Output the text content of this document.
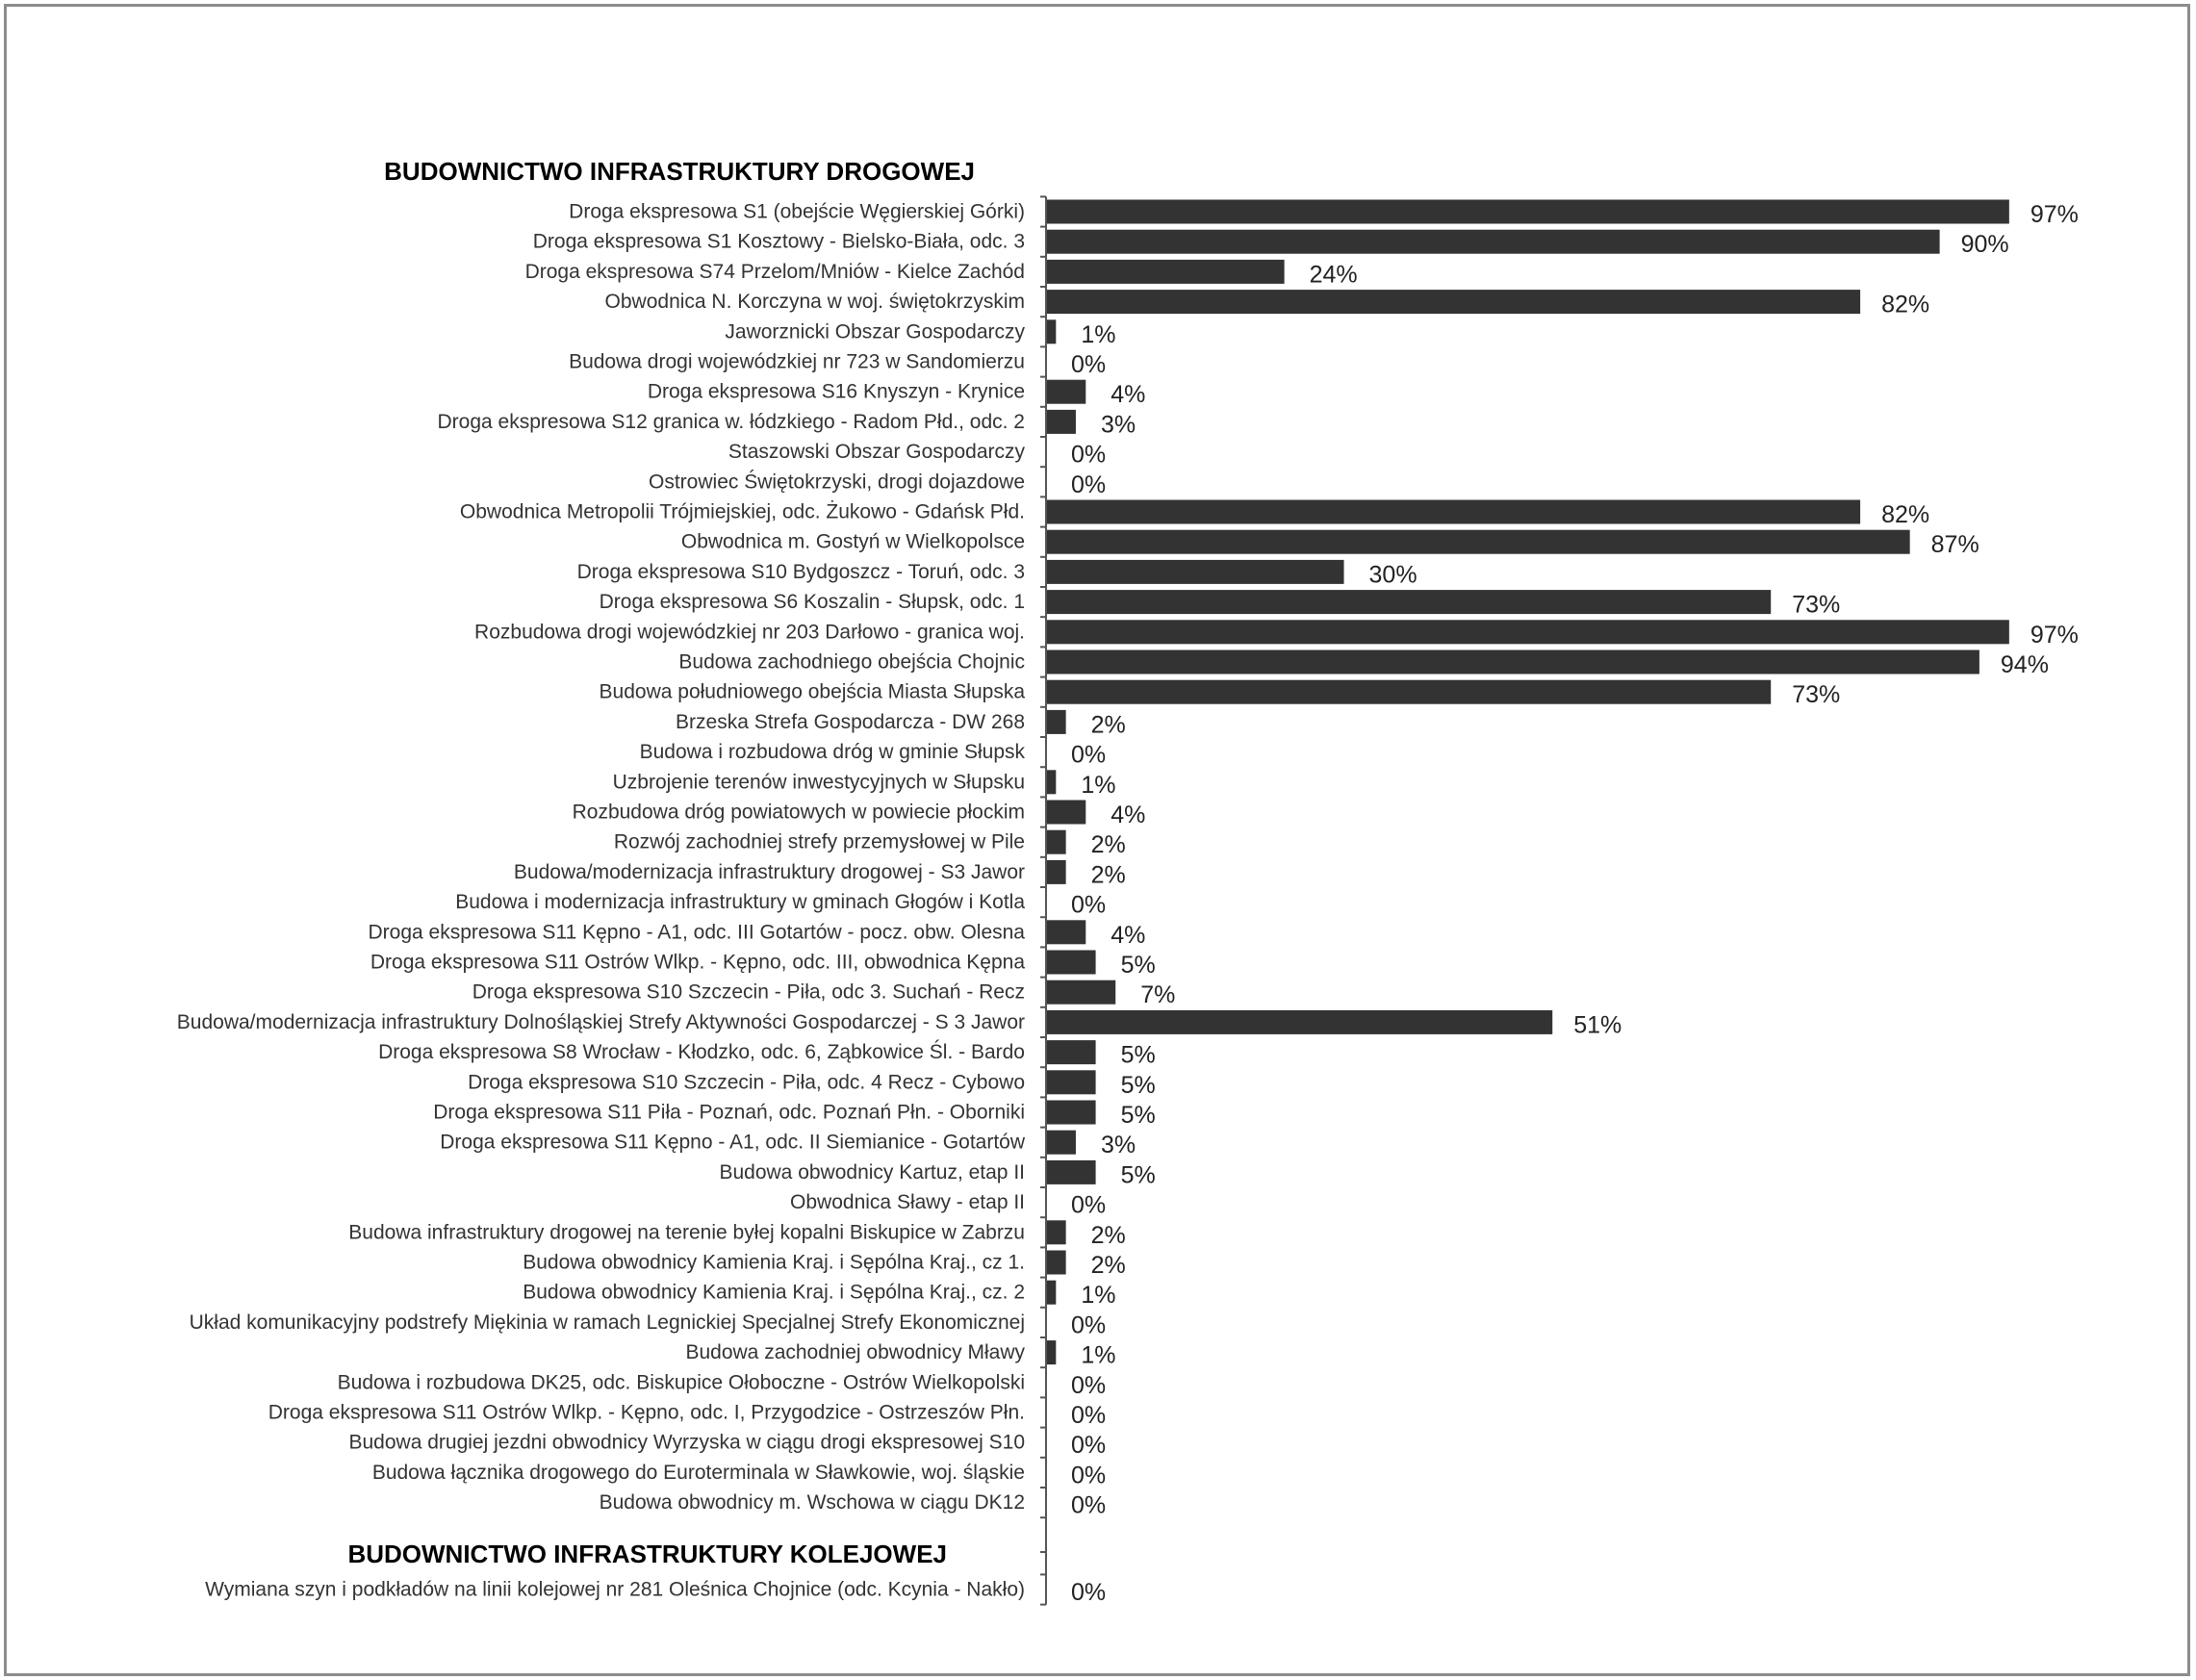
BUDOWNICTWO INFRASTRUKTURY DROGOWEJ
Droga ekspresowa S1 (obejście Węgierskiej Górki)	97%
Droga ekspresowa S1 Kosztowy - Bielsko-Biała, odc. 3	90%
Droga ekspresowa S74 Przelom/Mniów - Kielce Zachód	24%
Obwodnica N. Korczyna w woj. świętokrzyskim	82%
Jaworznicki Obszar Gospodarczy 1%
Budowa drogi wojewódzkiej nr 723 w Sandomierzu 0%
Droga ekspresowa S16 Knyszyn - Krynice	4%
Droga ekspresowa S12 granica w. łódzkiego - Radom Płd., odc. 2	3%
Staszowski Obszar Gospodarczy 0%
Ostrowiec Świętokrzyski, drogi dojazdowe 0%
Obwodnica Metropolii Trójmiejskiej, odc. Żukowo - Gdańsk Płd.	82%
Obwodnica m. Gostyń w Wielkopolsce	87%
Droga ekspresowa S10 Bydgoszcz - Toruń, odc. 3	30%
Droga ekspresowa S6 Koszalin - Słupsk, odc. 1	73%
Rozbudowa drogi wojewódzkiej nr 203 Darłowo - granica woj.	97%
Budowa zachodniego obejścia Chojnic	94%
Budowa południowego obejścia Miasta Słupska	73%
Brzeska Strefa Gospodarcza - DW 268	2%
Budowa i rozbudowa dróg w gminie Słupsk 0%
Uzbrojenie terenów inwestycyjnych w Słupsku 1%
Rozbudowa dróg powiatowych w powiecie płockim	4%
Rozwój zachodniej strefy przemysłowej w Pile	2%
Budowa/modernizacja infrastruktury drogowej - S3 Jawor	2%
Budowa i modernizacja infrastruktury w gminach Głogów i Kotla 0%
Droga ekspresowa S11 Kępno - A1, odc. III Gotartów - pocz. obw. Olesna	4%
Droga ekspresowa S11 Ostrów Wlkp. - Kępno, odc. III, obwodnica Kępna	5%
Droga ekspresowa S10 Szczecin - Piła, odc 3. Suchań - Recz	7%
Budowa/modernizacja infrastruktury Dolnośląskiej Strefy Aktywności Gospodarczej - S 3 Jawor	51%
Droga ekspresowa S8 Wrocław - Kłodzko, odc. 6, Ząbkowice Śl. - Bardo	5%
Droga ekspresowa S10 Szczecin - Piła, odc. 4 Recz - Cybowo	5%
Droga ekspresowa S11 Piła - Poznań, odc. Poznań Płn. - Oborniki	5%
Droga ekspresowa S11 Kępno - A1, odc. II Siemianice - Gotartów	3%
Budowa obwodnicy Kartuz, etap II	5%
Obwodnica Sławy - etap II 0%
Budowa infrastruktury drogowej na terenie byłej kopalni Biskupice w Zabrzu	2%
Budowa obwodnicy Kamienia Kraj. i Sępólna Kraj., cz 1.	2%
Budowa obwodnicy Kamienia Kraj. i Sępólna Kraj., cz. 2 1%
Układ komunikacyjny podstrefy Miękinia w ramach Legnickiej Specjalnej Strefy Ekonomicznej 0%
Budowa zachodniej obwodnicy Mławy 1%
Budowa i rozbudowa DK25, odc. Biskupice Ołoboczne - Ostrów Wielkopolski 0%
Droga ekspresowa S11 Ostrów Wlkp. - Kępno, odc. I, Przygodzice - Ostrzeszów Płn. 0%
Budowa drugiej jezdni obwodnicy Wyrzyska w ciągu drogi ekspresowej S10 0%
Budowa łącznika drogowego do Euroterminala w Sławkowie, woj. śląskie 0%
Budowa obwodnicy m. Wschowa w ciągu DK12 0%
BUDOWNICTWO INFRASTRUKTURY KOLEJOWEJ
Wymiana szyn i podkładów na linii kolejowej nr 281 Oleśnica Chojnice (odc. Kcynia - Nakło) 0%
